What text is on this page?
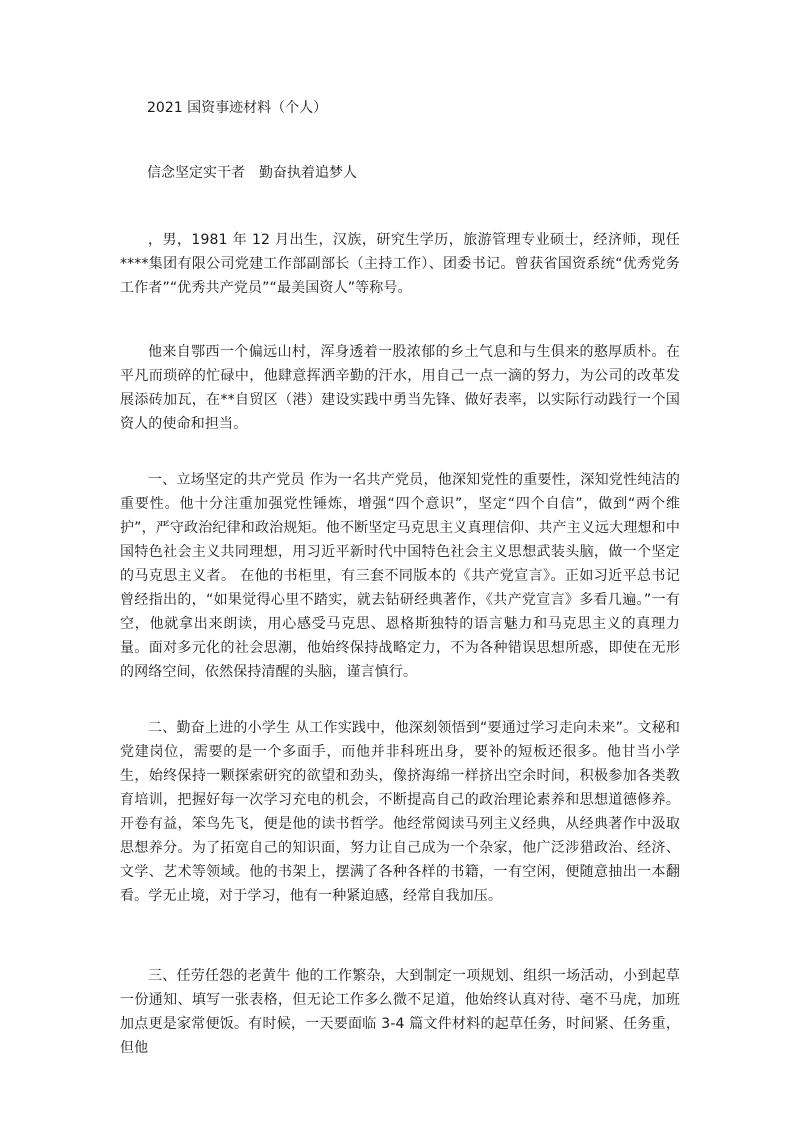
2021 国资事迹材料（个人）
信念坚定实干者 勤奋执着追梦人

，男，1981 年 12 月出生，汉族，研究生学历，旅游管理专业硕士，经济师，现任****集团有限公司党建工作部副部长（主持工作）、团委书记。曾获省国资系统“优秀党务工作者”“优秀共产党员”“最美国资人”等称号。

他来自鄂西一个偏远山村，浑身透着一股浓郁的乡土气息和与生俱来的憨厚质朴。在平凡而琐碎的忙碌中，他肆意挥洒辛勤的汗水，用自己一点一滴的努力，为公司的改革发展添砖加瓦，在**自贸区（港）建设实践中勇当先锋、做好表率，以实际行动践行一个国资人的使命和担当。

一、立场坚定的共产党员 作为一名共产党员，他深知党性的重要性，深知党性纯洁的重要性。他十分注重加强党性锤炼，增强“四个意识”，坚定“四个自信”，做到“两个维护”，严守政治纪律和政治规矩。他不断坚定马克思主义真理信仰、共产主义远大理想和中国特色社会主义共同理想，用习近平新时代中国特色社会主义思想武装头脑，做一个坚定的马克思主义者。 在他的书柜里，有三套不同版本的《共产党宣言》。正如习近平总书记曾经指出的，“如果觉得心里不踏实，就去钻研经典著作，《共产党宣言》多看几遍。”一有空，他就拿出来朗读，用心感受马克思、恩格斯独特的语言魅力和马克思主义的真理力量。面对多元化的社会思潮，他始终保持战略定力，不为各种错误思想所惑，即使在无形的网络空间，依然保持清醒的头脑，谨言慎行。

二、勤奋上进的小学生 从工作实践中，他深刻领悟到“要通过学习走向未来”。文秘和党建岗位，需要的是一个多面手，而他并非科班出身，要补的短板还很多。他甘当小学生，始终保持一颗探索研究的欲望和劲头，像挤海绵一样挤出空余时间，积极参加各类教育培训，把握好每一次学习充电的机会，不断提高自己的政治理论素养和思想道德修养。 开卷有益，笨鸟先飞，便是他的读书哲学。他经常阅读马列主义经典，从经典著作中汲取思想养分。为了拓宽自己的知识面，努力让自己成为一个杂家，他广泛涉猎政治、经济、文学、艺术等领域。他的书架上，摆满了各种各样的书籍，一有空闲，便随意抽出一本翻看。学无止境，对于学习，他有一种紧迫感，经常自我加压。

三、任劳任怨的老黄牛 他的工作繁杂，大到制定一项规划、组织一场活动，小到起草一份通知、填写一张表格，但无论工作多么微不足道，他始终认真对待、毫不马虎，加班加点更是家常便饭。有时候，一天要面临 3-4 篇文件材料的起草任务，时间紧、任务重，但他
